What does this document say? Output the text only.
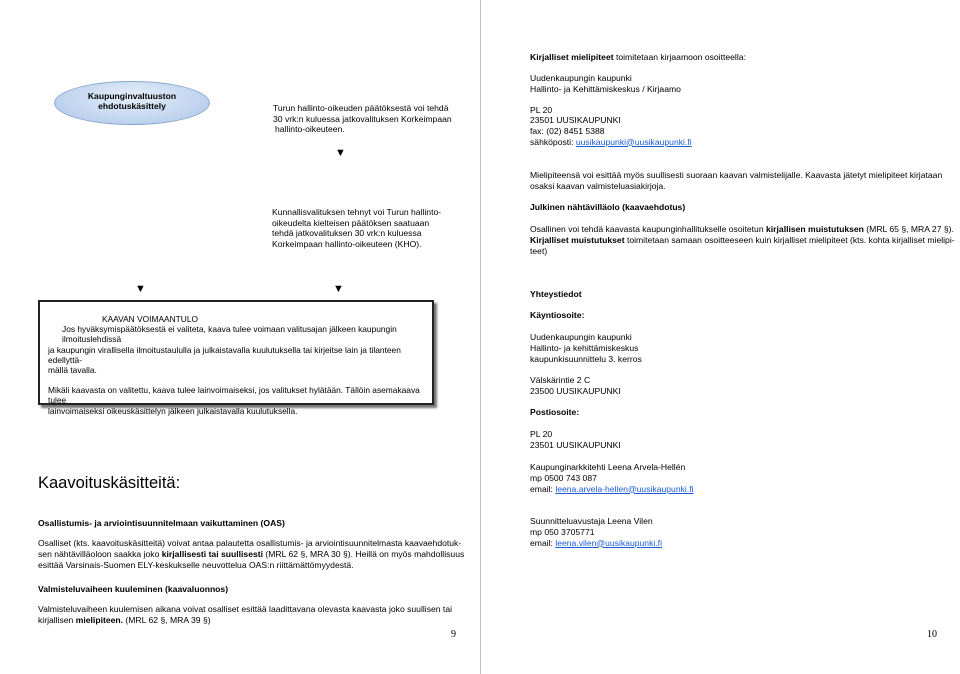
Kaupunginvaltuuston
ehdotuskäsittely	Turun hallinto-oikeuden päätöksestä voi tehdä
30 vrk:n kuluessa jatkovalituksen Korkeimpaan
hallinto-oikeuteen.
▼
Kunnallisvalituksen tehnyt voi Turun hallinto-
oikeudelta kielteisen päätöksen saatuaan
tehdä jatkovalituksen 30 vrk:n kuluessa
Korkeimpaan hallinto-oikeuteen (KHO).
▼	▼
KAAVAN VOIMAANTULO
Jos hyväksymispäätöksestä ei valiteta, kaava tulee voimaan valitusajan jälkeen kaupungin ilmoituslehdissä
ja kaupungin virallisella ilmoitustaululla ja julkaistavalla kuulutuksella tai kirjeitse lain ja tilanteen edellyttä-
mällä tavalla.
Mikäli kaavasta on valitettu, kaava tulee lainvoimaiseksi, jos valitukset hylätään. Tällöin asemakaava tulee
lainvoimaiseksi oikeuskäsittelyn jälkeen julkaistavalla kuulutuksella.
Kaavoituskäsitteitä:
Osallistumis- ja arviointisuunnitelmaan vaikuttaminen (OAS)
Osalliset (kts. kaavoituskäsitteitä) voivat antaa palautetta osallistumis- ja arviointisuunnitelmasta kaavaehdotuk-
sen nähtävilläoloon saakka joko kirjallisesti tai suullisesti (MRL 62 §, MRA 30 §). Heillä on myös mahdollisuus
esittää Varsinais-Suomen ELY-keskukselle neuvottelua OAS:n riittämättömyydestä.
Valmisteluvaiheen kuuleminen (kaavaluonnos)
Valmisteluvaiheen kuulemisen aikana voivat osalliset esittää laadittavana olevasta kaavasta joko suullisen tai
kirjallisen mielipiteen. (MRL 62 §, MRA 39 §)
9
Kirjalliset mielipiteet toimitetaan kirjaamoon osoitteella:
Uudenkaupungin kaupunki
Hallinto- ja Kehittämiskeskus / Kirjaamo
PL 20
23501 UUSIKAUPUNKI
fax: (02) 8451 5388
sähköposti: uusikaupunki@uusikaupunki.fi
Mielipiteensä voi esittää myös suullisesti suoraan kaavan valmistelijalle. Kaavasta jätetyt mielipiteet kirjataan
osaksi kaavan valmisteluasiakirjoja.
Julkinen nähtävilläolo (kaavaehdotus)
Osallinen voi tehdä kaavasta kaupunginhallitukselle osoitetun kirjallisen muistutuksen (MRL 65 §, MRA 27 §).
Kirjalliset muistutukset toimitetaan samaan osoitteeseen kuin kirjalliset mielipiteet (kts. kohta kirjalliset mielipi-
teet)
Yhteystiedot
Käyntiosoite:
Uudenkaupungin kaupunki
Hallinto- ja kehittämiskeskus
kaupunkisuunnittelu 3. kerros
Välskärintie 2 C
23500 UUSIKAUPUNKI
Postiosoite:
PL 20
23501 UUSIKAUPUNKI
Kaupunginarkkitehti Leena Arvela-Hellén
mp 0500 743 087
email: leena.arvela-hellen@uusikaupunki.fi
Suunnitteluavustaja Leena Vilen
mp 050 3705771
email: leena.vilen@uusikaupunki.fi
10
